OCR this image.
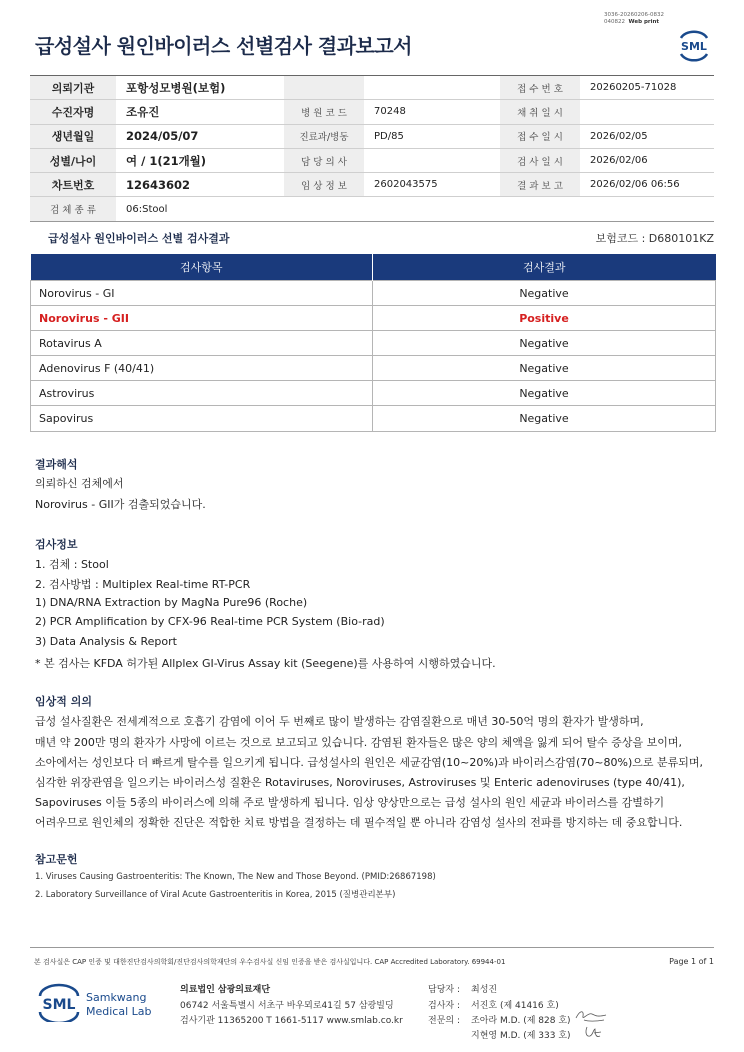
3036-20260206-0832
040822 Web print
급성설사 원인바이러스 선별검사 결과보고서	SML
의뢰기관	포항성모병원(보험)			접 수 번 호	20260205-71028
수진자명	조유진	병 원 코 드	70248	채 취 일 시	
생년월일	2024/05/07	진료과/병동	PD/85	접 수 일 시	2026/02/05
성별/나이	여 / 1(21개월)	담 당 의 사		검 사 일 시	2026/02/06
차트번호	12643602	임 상 정 보	2602043575	결 과 보 고	2026/02/06 06:56
검 체 종 류	06:Stool				
급성설사 원인바이러스 선별 검사결과	보험코드 : D680101KZ
검사항목	검사결과
Norovirus - GI	Negative
Norovirus - GII	Positive
Rotavirus A	Negative
Adenovirus F (40/41)	Negative
Astrovirus	Negative
Sapovirus	Negative
결과해석
의뢰하신 검체에서
Norovirus - GII가 검출되었습니다.
검사정보
1. 검체 : Stool
2. 검사방법 : Multiplex Real-time RT-PCR
1) DNA/RNA Extraction by MagNa Pure96 (Roche)
2) PCR Amplification by CFX-96 Real-time PCR System (Bio-rad)
3) Data Analysis & Report
* 본 검사는 KFDA 허가된 Allplex GI-Virus Assay kit (Seegene)를 사용하여 시행하였습니다.
임상적 의의
급성 설사질환은 전세계적으로 호흡기 감염에 이어 두 번째로 많이 발생하는 감염질환으로 매년 30-50억 명의 환자가 발생하며,
매년 약 200만 명의 환자가 사망에 이르는 것으로 보고되고 있습니다. 감염된 환자들은 많은 양의 체액을 잃게 되어 탈수 증상을 보이며,
소아에서는 성인보다 더 빠르게 탈수를 일으키게 됩니다. 급성설사의 원인은 세균감염(10~20%)과 바이러스감염(70~80%)으로 분류되며,
심각한 위장관염을 일으키는 바이러스성 질환은 Rotaviruses, Noroviruses, Astroviruses 및 Enteric adenoviruses (type 40/41),
Sapoviruses 이들 5종의 바이러스에 의해 주로 발생하게 됩니다. 임상 양상만으로는 급성 설사의 원인 세균과 바이러스를 감별하기
어려우므로 원인체의 정확한 진단은 적합한 치료 방법을 결정하는 데 필수적일 뿐 아니라 감염성 설사의 전파를 방지하는 데 중요합니다.
참고문헌
1. Viruses Causing Gastroenteritis: The Known, The New and Those Beyond. (PMID:26867198)
2. Laboratory Surveillance of Viral Acute Gastroenteritis in Korea, 2015 (질병관리본부)
본 검사실은 CAP 인증 및 대한진단검사의학회/진단검사의학재단의 우수검사실 신임 인증을 받은 검사실입니다. CAP Accredited Laboratory. 69944-01	Page 1 of 1
SML Samkwang
Medical Lab
의료법인 삼광의료재단
06742 서울특별시 서초구 바우뫼로41길 57 삼광빌딩
검사기관 11365200 T 1661-5117 www.smlab.co.kr
담당자 : 최성진
검사자 : 서진호 (제 41416 호)
전문의 : 조아라 M.D. (제 828 호)
지현영 M.D. (제 333 호)
